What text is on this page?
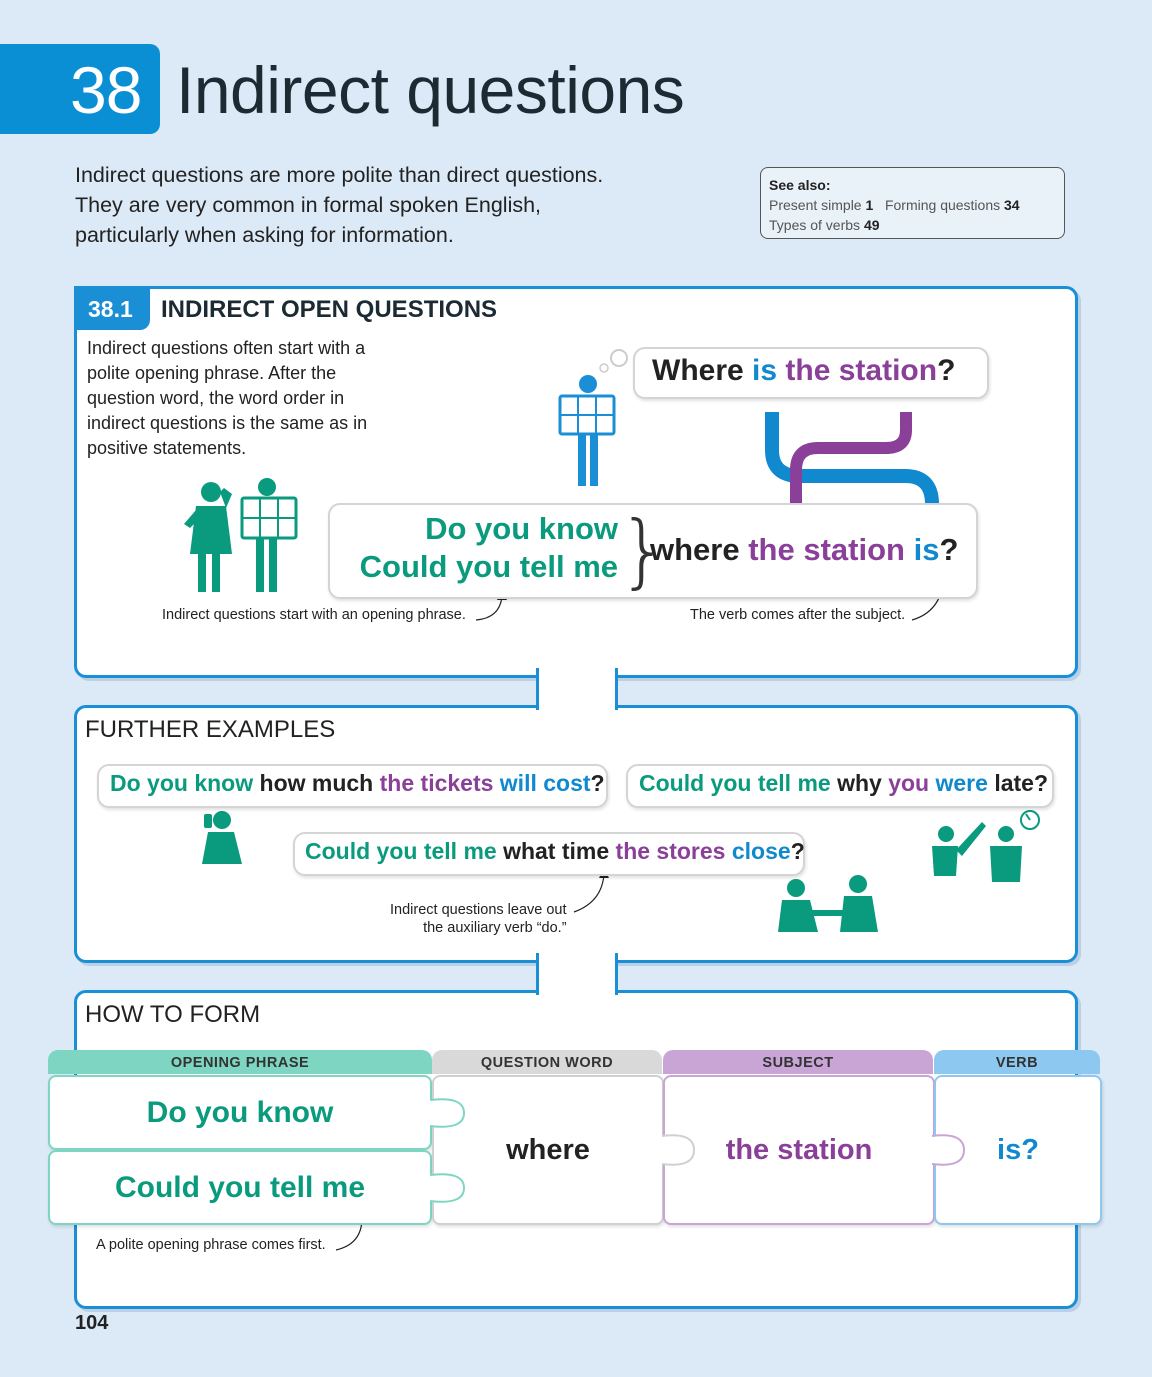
38 Indirect questions
Indirect questions are more polite than direct questions. They are very common in formal spoken English, particularly when asking for information.
See also:
Present simple 1 Forming questions 34
Types of verbs 49
38.1 INDIRECT OPEN QUESTIONS
Indirect questions often start with a polite opening phrase. After the question word, the word order in indirect questions is the same as in positive statements.
Where is the station?
Do you know
Could you tell me }
where the station is?
Indirect questions start with an opening phrase.	The verb comes after the subject.
FURTHER EXAMPLES
Do you know how much the tickets will cost? Could you tell me why you were late?
Could you tell me what time the stores close?
Indirect questions leave out
the auxiliary verb “do.”
HOW TO FORM
OPENING PHRASE	QUESTION WORD	SUBJECT	VERB
Do you know
Could you tell me
where	the station	is?
A polite opening phrase comes first.
104
